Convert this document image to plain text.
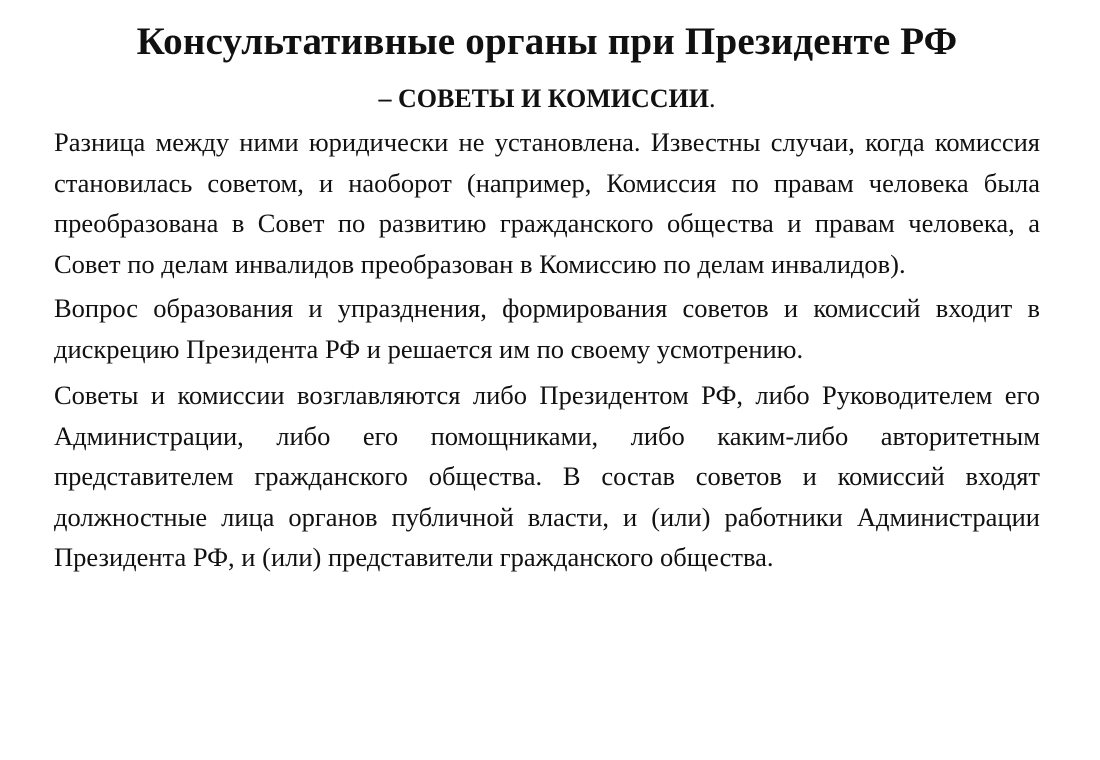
Консультативные органы при Президенте РФ
– СОВЕТЫ И КОМИССИИ.

Разница между ними юридически не установлена. Известны случаи, когда комиссия становилась советом, и наоборот (например, Комиссия по правам человека была преобразована в Совет по развитию гражданского общества и правам человека, а Совет по делам инвалидов преобразован в Комиссию по делам инвалидов).

Вопрос образования и упразднения, формирования советов и комиссий входит в дискрецию Президента РФ и решается им по своему усмотрению.

Советы и комиссии возглавляются либо Президентом РФ, либо Руководителем его Администрации, либо его помощниками, либо каким-либо авторитетным представителем гражданского общества. В состав советов и комиссий входят должностные лица органов публичной власти, и (или) работники Администрации Президента РФ, и (или) представители гражданского общества.
